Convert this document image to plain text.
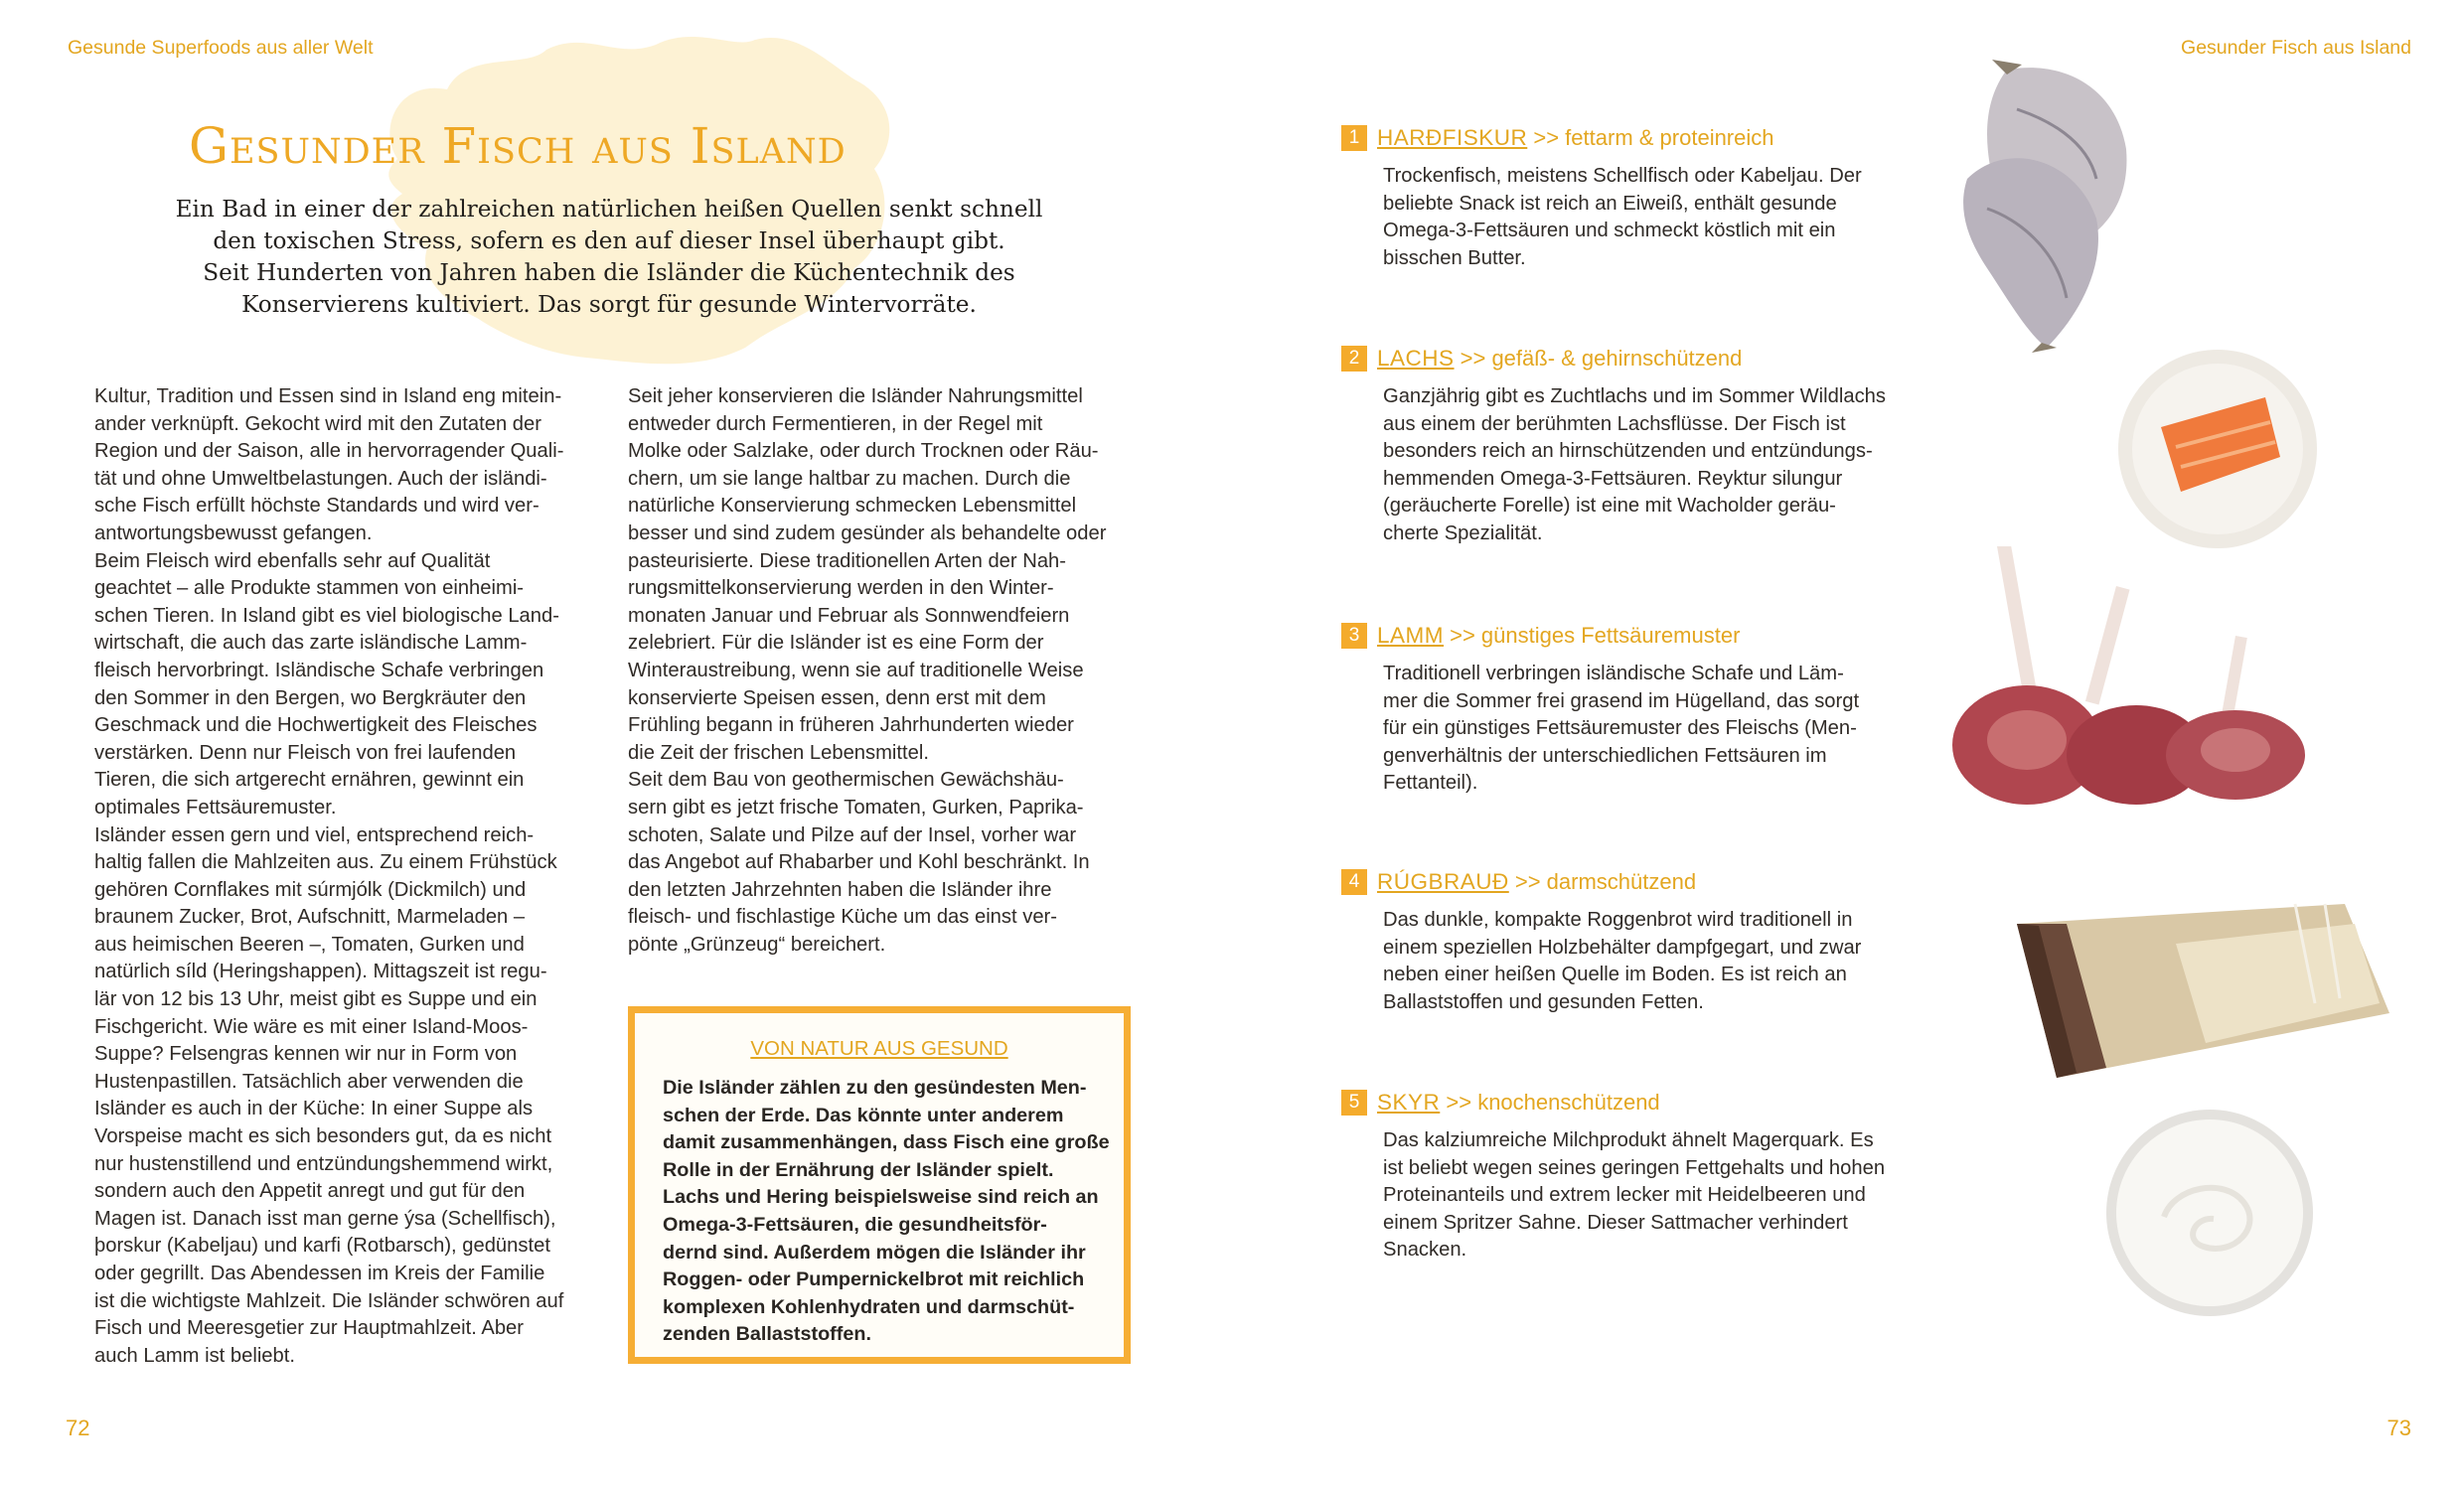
Gesunde Superfoods aus aller Welt
Gesunder Fisch aus Island
Ein Bad in einer der zahlreichen natürlichen heißen Quellen senkt schnell
den toxischen Stress, sofern es den auf dieser Insel überhaupt gibt.
Seit Hunderten von Jahren haben die Isländer die Küchentechnik des
Konservierens kultiviert. Das sorgt für gesunde Wintervorräte.

Kultur, Tradition und Essen sind in Island eng mitein-

ander verknüpft. Gekocht wird mit den Zutaten der

Region und der Saison, alle in hervorragender Quali-

tät und ohne Umweltbelastungen. Auch der isländi-

sche Fisch erfüllt höchste Standards und wird ver-

antwortungsbewusst gefangen.

Beim Fleisch wird ebenfalls sehr auf Qualität

geachtet – alle Produkte stammen von einheimi-

schen Tieren. In Island gibt es viel biologische Land-

wirtschaft, die auch das zarte isländische Lamm-

fleisch hervorbringt. Isländische Schafe verbringen

den Sommer in den Bergen, wo Bergkräuter den

Geschmack und die Hochwertigkeit des Fleisches

verstärken. Denn nur Fleisch von frei laufenden

Tieren, die sich artgerecht ernähren, gewinnt ein

optimales Fettsäuremuster.

Isländer essen gern und viel, entsprechend reich-

haltig fallen die Mahlzeiten aus. Zu einem Frühstück

gehören Cornflakes mit súrmjólk (Dickmilch) und

braunem Zucker, Brot, Aufschnitt, Marmeladen –

aus heimischen Beeren –, Tomaten, Gurken und

natürlich síld (Heringshappen). Mittagszeit ist regu-

lär von 12 bis 13 Uhr, meist gibt es Suppe und ein

Fischgericht. Wie wäre es mit einer Island-Moos-

Suppe? Felsengras kennen wir nur in Form von

Hustenpastillen. Tatsächlich aber verwenden die

Isländer es auch in der Küche: In einer Suppe als

Vorspeise macht es sich besonders gut, da es nicht

nur hustenstillend und entzündungshemmend wirkt,

sondern auch den Appetit anregt und gut für den

Magen ist. Danach isst man gerne ýsa (Schellfisch),

þorskur (Kabeljau) und karfi (Rotbarsch), gedünstet

oder gegrillt. Das Abendessen im Kreis der Familie

ist die wichtigste Mahlzeit. Die Isländer schwören auf

Fisch und Meeresgetier zur Hauptmahlzeit. Aber

auch Lamm ist beliebt.

Seit jeher konservieren die Isländer Nahrungsmittel

entweder durch Fermentieren, in der Regel mit

Molke oder Salzlake, oder durch Trocknen oder Räu-

chern, um sie lange haltbar zu machen. Durch die

natürliche Konservierung schmecken Lebensmittel

besser und sind zudem gesünder als behandelte oder

pasteurisierte. Diese traditionellen Arten der Nah-

rungsmittelkonservierung werden in den Winter-

monaten Januar und Februar als Sonnwendfeiern

zelebriert. Für die Isländer ist es eine Form der

Winteraustreibung, wenn sie auf traditionelle Weise

konservierte Speisen essen, denn erst mit dem

Frühling begann in früheren Jahrhunderten wieder

die Zeit der frischen Lebensmittel.

Seit dem Bau von geothermischen Gewächshäu-

sern gibt es jetzt frische Tomaten, Gurken, Paprika-

schoten, Salate und Pilze auf der Insel, vorher war

das Angebot auf Rhabarber und Kohl beschränkt. In

den letzten Jahrzehnten haben die Isländer ihre

fleisch- und fischlastige Küche um das einst ver-

pönte „Grünzeug“ bereichert.

VON NATUR AUS GESUND

Die Isländer zählen zu den gesündesten Men-

schen der Erde. Das könnte unter anderem

damit zusammenhängen, dass Fisch eine große

Rolle in der Ernährung der Isländer spielt.

Lachs und Hering beispielsweise sind reich an

Omega-3-Fettsäuren, die gesundheitsför-

dernd sind. Außerdem mögen die Isländer ihr

Roggen- oder Pumpernickelbrot mit reichlich

komplexen Kohlenhydraten und darmschüt-

zenden Ballaststoffen.

72
Gesunder Fisch aus Island
73
1 HARÐFISKUR >> fettarm & proteinreich

Trockenfisch, meistens Schellfisch oder Kabeljau. Der

beliebte Snack ist reich an Eiweiß, enthält gesunde

Omega-3-Fettsäuren und schmeckt köstlich mit ein

bisschen Butter.

2 LACHS >> gefäß- & gehirnschützend

Ganzjährig gibt es Zuchtlachs und im Sommer Wildlachs

aus einem der berühmten Lachsflüsse. Der Fisch ist

besonders reich an hirnschützenden und entzündungs-

hemmenden Omega-3-Fettsäuren. Reyktur silungur

(geräucherte Forelle) ist eine mit Wacholder geräu-

cherte Spezialität.

3 LAMM >> günstiges Fettsäuremuster

Traditionell verbringen isländische Schafe und Läm-

mer die Sommer frei grasend im Hügelland, das sorgt

für ein günstiges Fettsäuremuster des Fleischs (Men-

genverhältnis der unterschiedlichen Fettsäuren im

Fettanteil).

4 RÚGBRAUÐ >> darmschützend

Das dunkle, kompakte Roggenbrot wird traditionell in

einem speziellen Holzbehälter dampfgegart, und zwar

neben einer heißen Quelle im Boden. Es ist reich an

Ballaststoffen und gesunden Fetten.

5 SKYR >> knochenschützend

Das kalziumreiche Milchprodukt ähnelt Magerquark. Es

ist beliebt wegen seines geringen Fettgehalts und hohen

Proteinanteils und extrem lecker mit Heidelbeeren und

einem Spritzer Sahne. Dieser Sattmacher verhindert

Snacken.
